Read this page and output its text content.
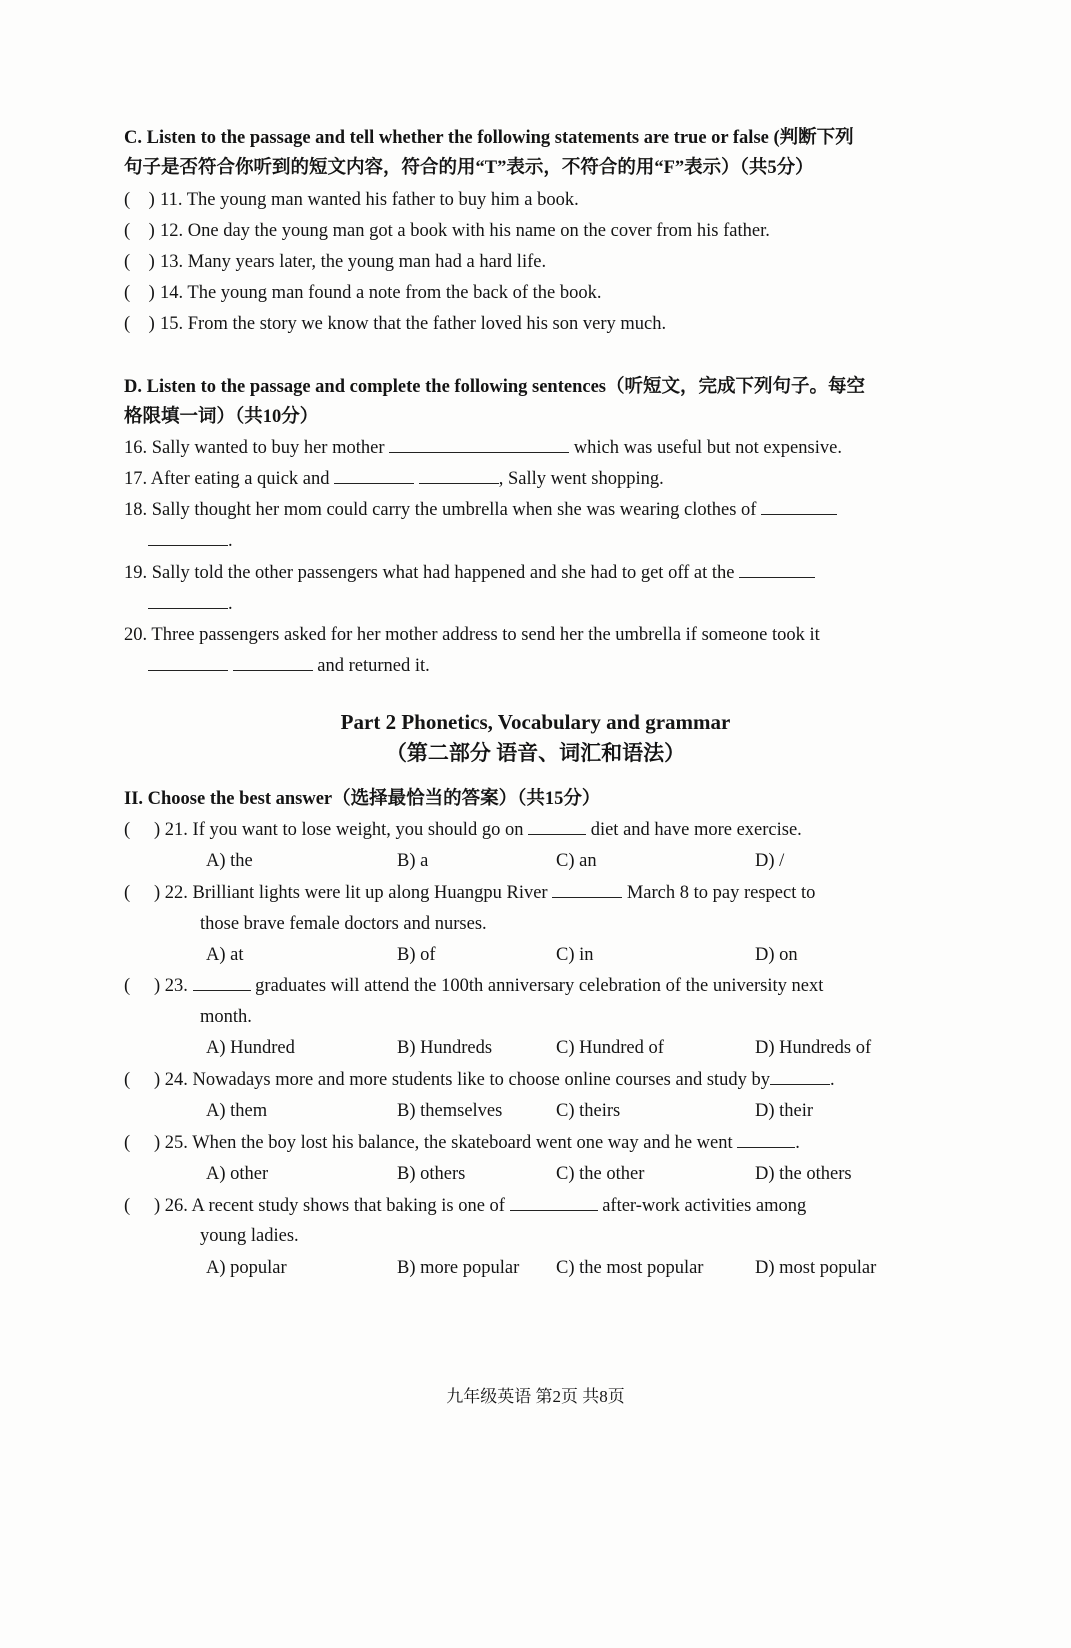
C. Listen to the passage and tell whether the following statements are true or false (判断下列
句子是否符合你听到的短文内容，符合的用“T”表示，不符合的用“F”表示）（共5分）
(    ) 11. The young man wanted his father to buy him a book.
(    ) 12. One day the young man got a book with his name on the cover from his father.
(    ) 13. Many years later, the young man had a hard life.
(    ) 14. The young man found a note from the back of the book.
(    ) 15. From the story we know that the father loved his son very much.
D. Listen to the passage and complete the following sentences（听短文，完成下列句子。每空
格限填一词）（共10分）
16. Sally wanted to buy her mother	which was useful but not expensive.
17. After eating a quick and	, Sally went shopping.
18. Sally thought her mom could carry the umbrella when she was wearing clothes of
.
19. Sally told the other passengers what had happened and she had to get off at the
.
20. Three passengers asked for her mother address to send her the umbrella if someone took it
and returned it.
Part 2 Phonetics, Vocabulary and grammar
（第二部分 语音、词汇和语法）
II. Choose the best answer（选择最恰当的答案）（共15分）
( ) 21. If you want to lose weight, you should go on	diet and have more exercise.
A) the	B) a	C) an	D) /
( ) 22. Brilliant lights were lit up along Huangpu River	March 8 to pay respect to
those brave female doctors and nurses.
A) at	B) of	C) in	D) on
( ) 23.	graduates will attend the 100th anniversary celebration of the university next
month.
A) Hundred	B) Hundreds	C) Hundred of	D) Hundreds of
( ) 24. Nowadays more and more students like to choose online courses and study by	.
A) them	B) themselves	C) theirs	D) their
( ) 25. When the boy lost his balance, the skateboard went one way and he went	.
A) other	B) others	C) the other	D) the others
( ) 26. A recent study shows that baking is one of	after-work activities among
young ladies.
A) popular	B) more popular C) the most popular	D) most popular
九年级英语 第2页 共8页
